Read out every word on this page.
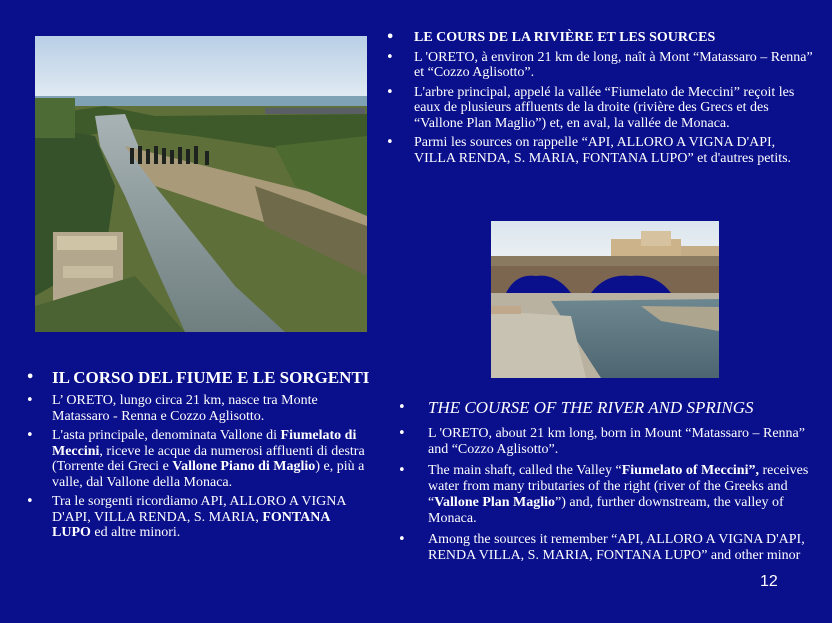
• LE COURS DE LA RIVIÈRE ET LES SOURCES
• L 'ORETO, à environ 21 km de long, naît à Mont “Matassaro – Renna” et “Cozzo Aglisotto”.
• L'arbre principal, appelé la vallée “Fiumelato de Meccini” reçoit les eaux de plusieurs affluents de la droite (rivière des Grecs et des “Vallone Plan Maglio”) et, en aval, la vallée de Monaca.
• Parmi les sources on rappelle “API, ALLORO A VIGNA D'API, VILLA RENDA, S. MARIA, FONTANA LUPO” et d'autres petits.
• IL CORSO DEL FIUME E LE SORGENTI
• L’ ORETO, lungo circa 21 km, nasce tra Monte Matassaro - Renna e Cozzo Aglisotto.
• L'asta principale, denominata Vallone di Fiumelato di Meccini, riceve le acque da numerosi affluenti di destra (Torrente dei Greci e Vallone Piano di Maglio) e, più a valle, dal Vallone della Monaca.
• Tra le sorgenti ricordiamo API, ALLORO A VIGNA D'API, VILLA RENDA, S. MARIA, FONTANA LUPO ed altre minori.
• THE COURSE OF THE RIVER AND SPRINGS
• L 'ORETO, about 21 km long, born in Mount “Matassaro – Renna” and “Cozzo Aglisotto”.
• The main shaft, called the Valley “Fiumelato of Meccini”, receives water from many tributaries of the right (river of the Greeks and “Vallone Plan Maglio”) and, further downstream, the valley of Monaca.
• Among the sources it remember “API, ALLORO A VIGNA D'API, RENDA VILLA, S. MARIA, FONTANA LUPO” and other minor
12
